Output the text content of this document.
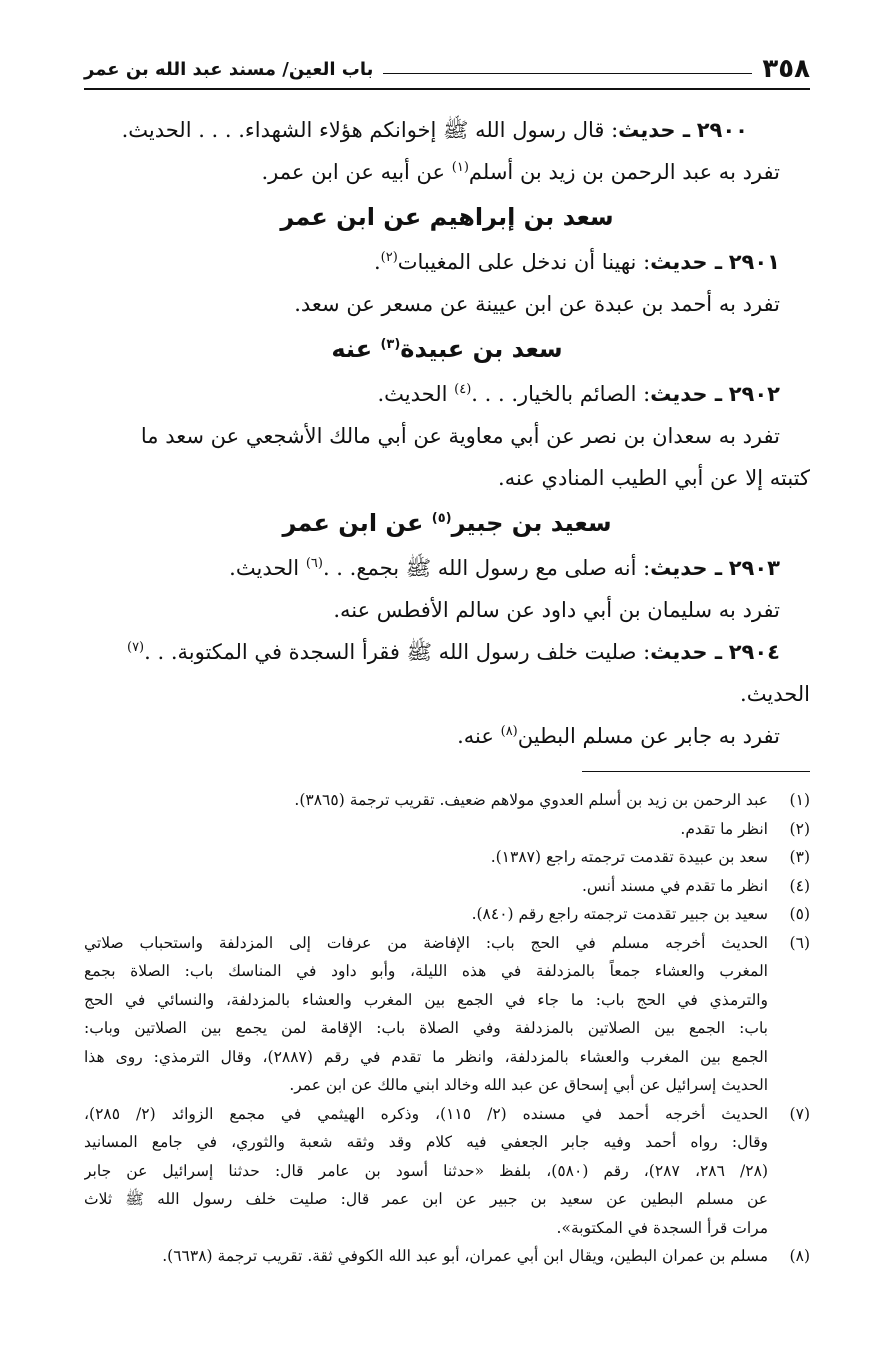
٣٥٨
باب العين/ مسند عبد الله بن عمر
٢٩٠٠ ـ حديث: قال رسول الله ﷺ إخوانكم هؤلاء الشهداء. . . . الحديث.
تفرد به عبد الرحمن بن زيد بن أسلم$^{(١)}$ عن أبيه عن ابن عمر.
سعد بن إبراهيم عن ابن عمر
٢٩٠١ ـ حديث: نهينا أن ندخل على المغيبات$^{(٢)}$.
تفرد به أحمد بن عبدة عن ابن عيينة عن مسعر عن سعد.
سعد بن عبيدة$^{(٣)}$ عنه
٢٩٠٢ ـ حديث: الصائم بالخيار. . . .$^{(٤)}$ الحديث.
تفرد به سعدان بن نصر عن أبي معاوية عن أبي مالك الأشجعي عن سعد ما
كتبته إلا عن أبي الطيب المنادي عنه.
سعيد بن جبير$^{(٥)}$ عن ابن عمر
٢٩٠٣ ـ حديث: أنه صلى مع رسول الله ﷺ بجمع. . .$^{(٦)}$ الحديث.
تفرد به سليمان بن أبي داود عن سالم الأفطس عنه.
٢٩٠٤ ـ حديث: صليت خلف رسول الله ﷺ فقرأ السجدة في المكتوبة. . .$^{(٧)}$
الحديث.
تفرد به جابر عن مسلم البطين$^{(٨)}$ عنه.
(١)
عبد الرحمن بن زيد بن أسلم العدوي مولاهم ضعيف. تقريب ترجمة (٣٨٦٥).
(٢)
انظر ما تقدم.
(٣)
سعد بن عبيدة تقدمت ترجمته راجع (١٣٨٧).
(٤)
انظر ما تقدم في مسند أنس.
(٥)
سعيد بن جبير تقدمت ترجمته راجع رقم (٨٤٠).
(٦)
الحديث أخرجه مسلم في الحج باب: الإفاضة من عرفات إلى المزدلفة واستحباب صلاتي
المغرب والعشاء جمعاً بالمزدلفة في هذه الليلة، وأبو داود في المناسك باب: الصلاة بجمع
والترمذي في الحج باب: ما جاء في الجمع بين المغرب والعشاء بالمزدلفة، والنسائي في الحج
باب: الجمع بين الصلاتين بالمزدلفة وفي الصلاة باب: الإقامة لمن يجمع بين الصلاتين وباب:
الجمع بين المغرب والعشاء بالمزدلفة، وانظر ما تقدم في رقم (٢٨٨٧)، وقال الترمذي: روى هذا
الحديث إسرائيل عن أبي إسحاق عن عبد الله وخالد ابني مالك عن ابن عمر.
(٧)
الحديث أخرجه أحمد في مسنده (٢/ ١١٥)، وذكره الهيثمي في مجمع الزوائد (٢/ ٢٨٥)،
وقال: رواه أحمد وفيه جابر الجعفي فيه كلام وقد وثقه شعبة والثوري، في جامع المسانيد
(٢٨/ ٢٨٦، ٢٨٧)، رقم (٥٨٠)، بلفظ «حدثنا أسود بن عامر قال: حدثنا إسرائيل عن جابر
عن مسلم البطين عن سعيد بن جبير عن ابن عمر قال: صليت خلف رسول الله ﷺ ثلاث
مرات قرأ السجدة في المكتوبة».
(٨)
مسلم بن عمران البطين، ويقال ابن أبي عمران، أبو عبد الله الكوفي ثقة. تقريب ترجمة (٦٦٣٨).
